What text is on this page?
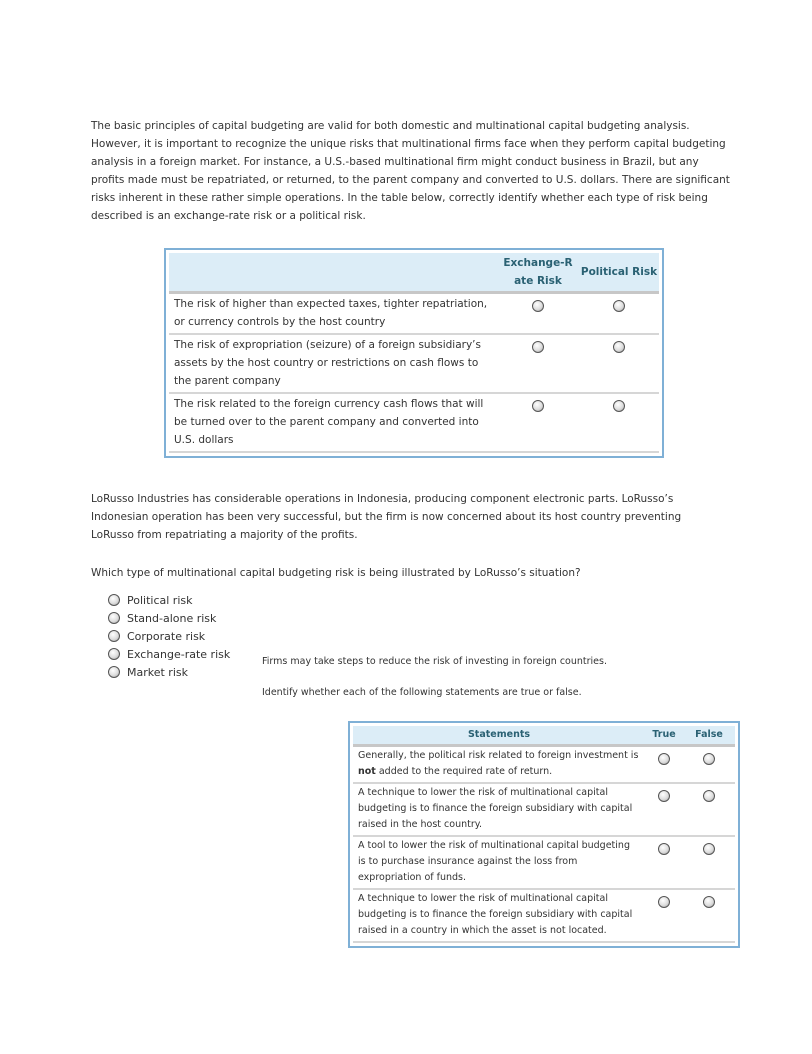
The basic principles of capital budgeting are valid for both domestic and multinational capital budgeting analysis. However, it is important to recognize the unique risks that multinational firms face when they perform capital budgeting analysis in a foreign market. For instance, a U.S.-based multinational firm might conduct business in Brazil, but any profits made must be repatriated, or returned, to the parent company and converted to U.S. dollars. There are significant risks inherent in these rather simple operations. In the table below, correctly identify whether each type of risk being described is an exchange-rate risk or a political risk.
	Exchange-R ate Risk	Political Risk
The risk of higher than expected taxes, tighter repatriation, or currency controls by the host country		
The risk of expropriation (seizure) of a foreign subsidiary’s assets by the host country or restrictions on cash flows to the parent company		
The risk related to the foreign currency cash flows that will be turned over to the parent company and converted into U.S. dollars		
LoRusso Industries has considerable operations in Indonesia, producing component electronic parts. LoRusso’s Indonesian operation has been very successful, but the firm is now concerned about its host country preventing LoRusso from repatriating a majority of the profits.
Which type of multinational capital budgeting risk is being illustrated by LoRusso’s situation?
Political risk
Stand-alone risk
Corporate risk
Exchange-rate risk
Market risk
Firms may take steps to reduce the risk of investing in foreign countries.
Identify whether each of the following statements are true or false.
Statements	True	False
Generally, the political risk related to foreign investment is not added to the required rate of return.		
A technique to lower the risk of multinational capital budgeting is to finance the foreign subsidiary with capital raised in the host country.		
A tool to lower the risk of multinational capital budgeting is to purchase insurance against the loss from expropriation of funds.		
A technique to lower the risk of multinational capital budgeting is to finance the foreign subsidiary with capital raised in a country in which the asset is not located.		
